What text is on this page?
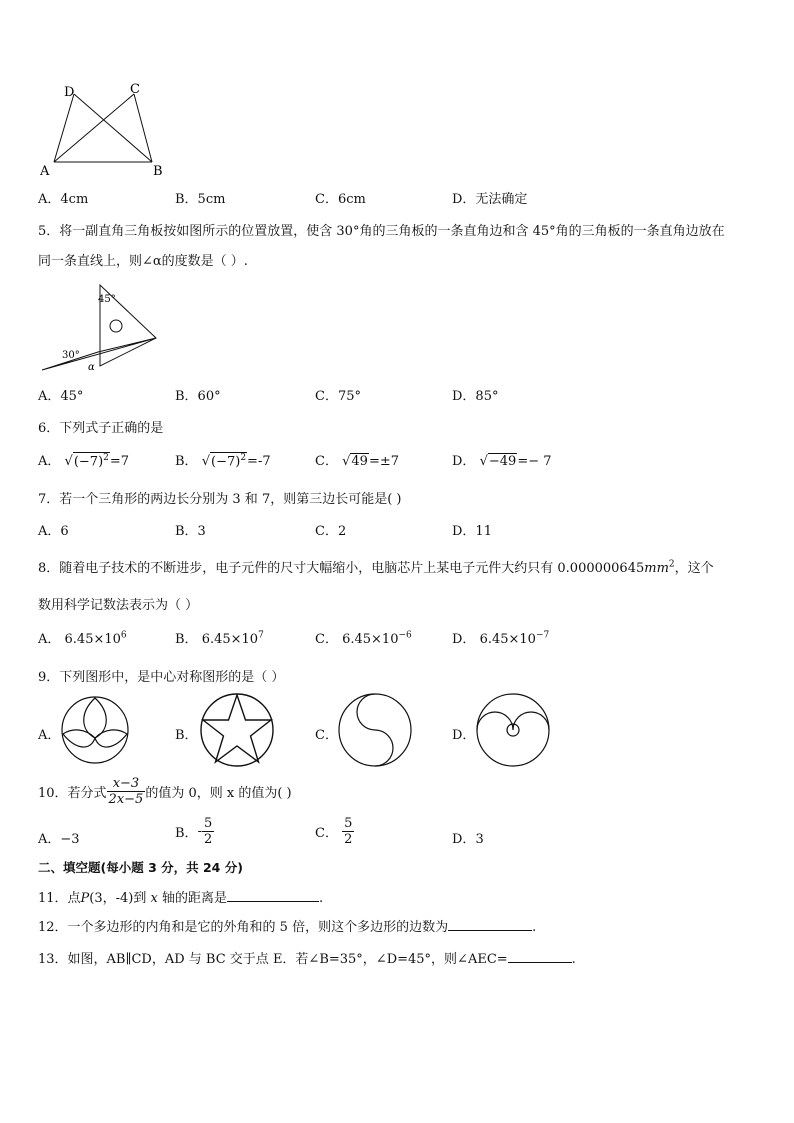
D	C
A	B
A．4cm	B．5cm	C．6cm	D．无法确定
5．将一副直角三角板按如图所示的位置放置，使含 30°角的三角板的一条直角边和含 45°角的三角板的一条直角边放在
同一条直线上，则∠α的度数是（ ）.
45°
30°
α
A．45°	B．60°	C．75°	D．85°
6．下列式子正确的是
A． √ $(-7)^2 =7$	B． √ $(-7)^2 =-7$	C． √ 49 =±7	D． √ −49 =− 7
7．若一个三角形的两边长分别为 3 和 7，则第三边长可能是( )
A．6	B．3	C．2	D．11
8．随着电子技术的不断进步，电子元件的尺寸大幅缩小，电脑芯片上某电子元件大约只有 $0.000000645mm^2$，这个
数用科学记数法表示为（ ）
A． $6.45\times 10^6$	B． $6.45\times 10^7$	C． $6.45\times 10^{-6}$	D． $6.45\times 10^{-7}$
9．下列图形中，是中心对称图形的是（ ）
A．	B．	C．	D．
10．若分式 $\frac{x-3}{2x-5}$ 的值为 0，则 x 的值为( )
A．−3	B．- $\frac{5}{2}$	C． $\frac{5}{2}$	D．3
二、填空题(每小题 3 分，共 24 分)
11．点P(3，-4)到 x 轴的距离是	.
12．一个多边形的内角和是它的外角和的 5 倍，则这个多边形的边数为	.
13．如图，AB∥CD，AD 与 BC 交于点 E．若∠B=35°，∠D=45°，则∠AEC=	.
